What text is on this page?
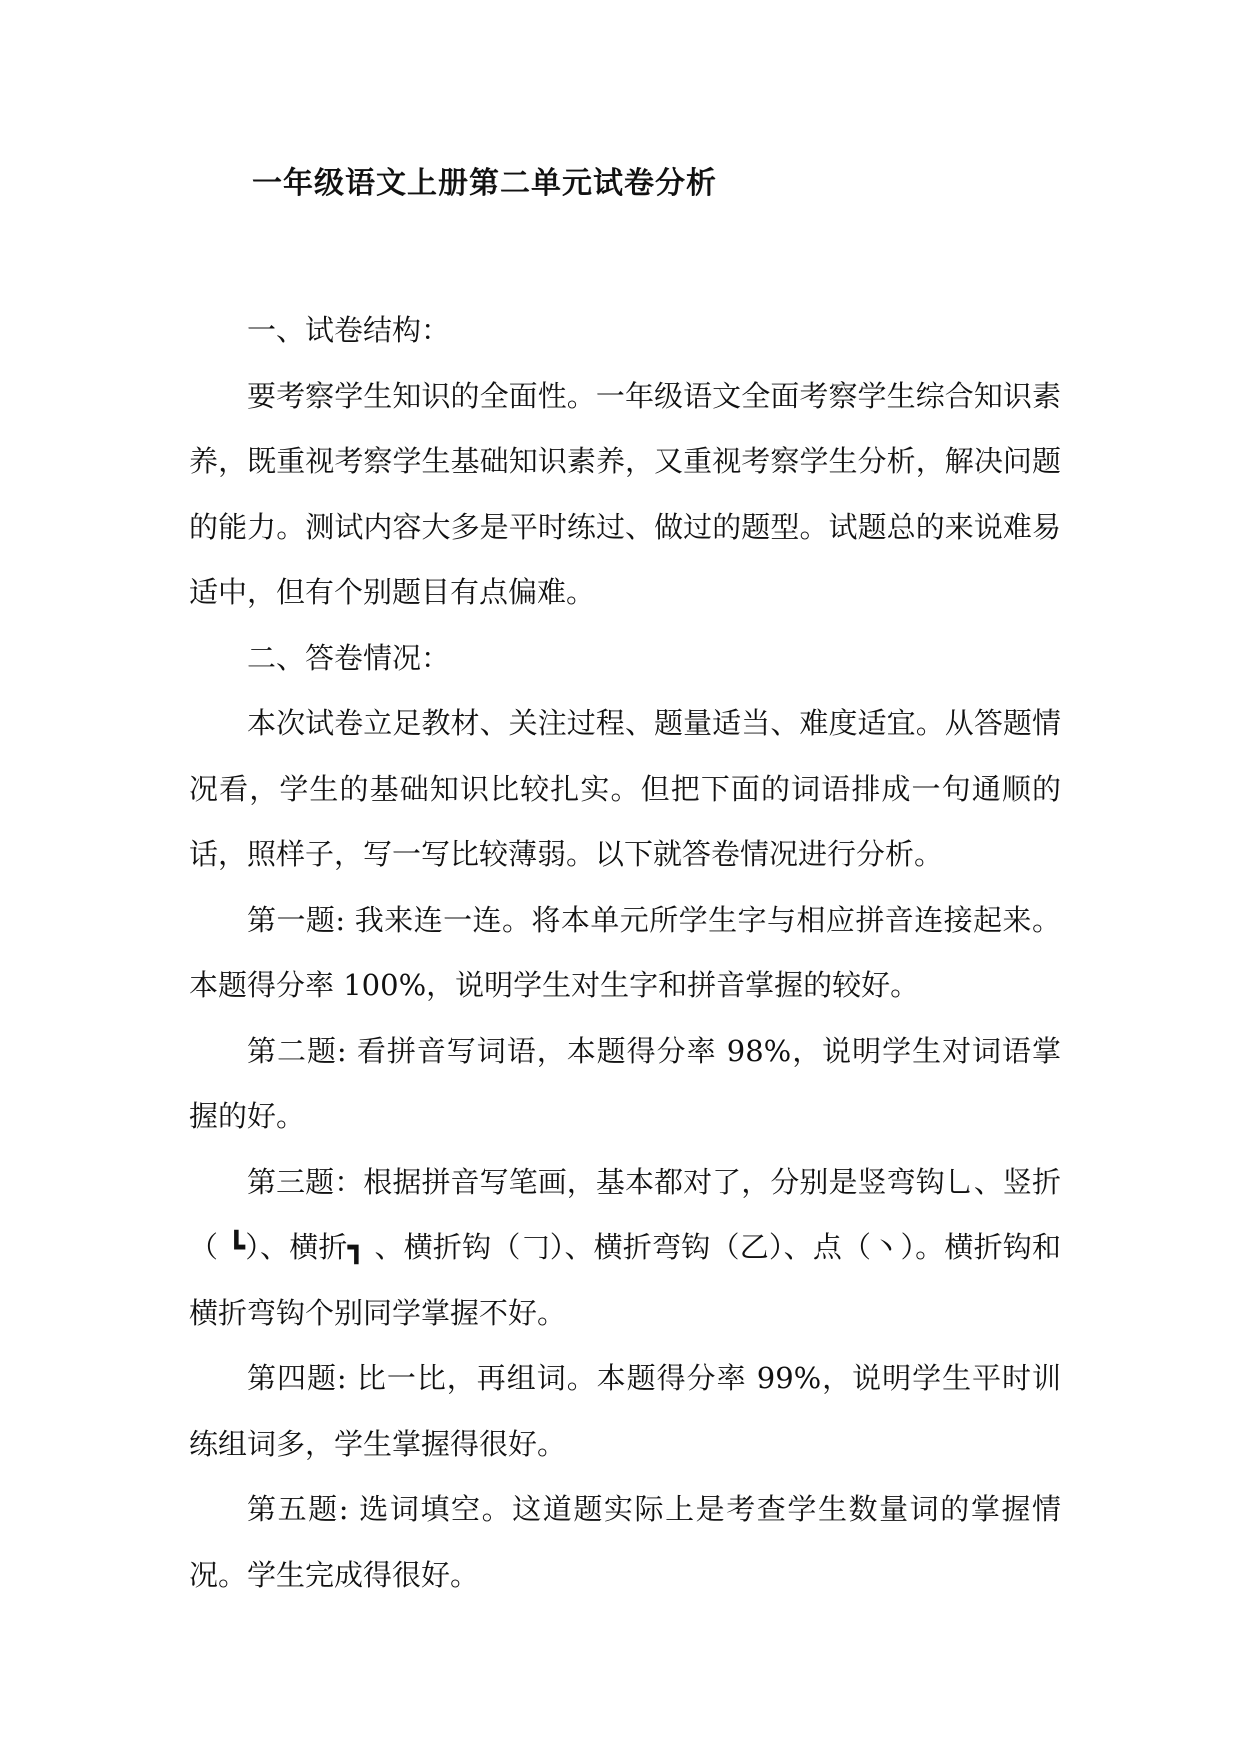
一年级语文上册第二单元试卷分析

一、试卷结构：

要考察学生知识的全面性。一年级语文全面考察学生综合知识素养，既重视考察学生基础知识素养，又重视考察学生分析，解决问题的能力。测试内容大多是平时练过、做过的题型。试题总的来说难易适中，但有个别题目有点偏难。

二、答卷情况：

本次试卷立足教材、关注过程、题量适当、难度适宜。从答题情况看，学生的基础知识比较扎实。但把下面的词语排成一句通顺的话，照样子，写一写比较薄弱。以下就答卷情况进行分析。

第一题: 我来连一连。将本单元所学生字与相应拼音连接起来。本题得分率 100%，说明学生对生字和拼音掌握的较好。

第二题: 看拼音写词语，本题得分率 98%，说明学生对词语掌握的好。

第三题：根据拼音写笔画，基本都对了，分别是竖弯钩乚、竖折（ ┗）、横折┓ 、横折钩（𠃌）、横折弯钩（乙）、点（丶）。横折钩和横折弯钩个别同学掌握不好。

第四题: 比一比，再组词。本题得分率 99%，说明学生平时训练组词多，学生掌握得很好。

第五题: 选词填空。这道题实际上是考查学生数量词的掌握情况。学生完成得很好。
